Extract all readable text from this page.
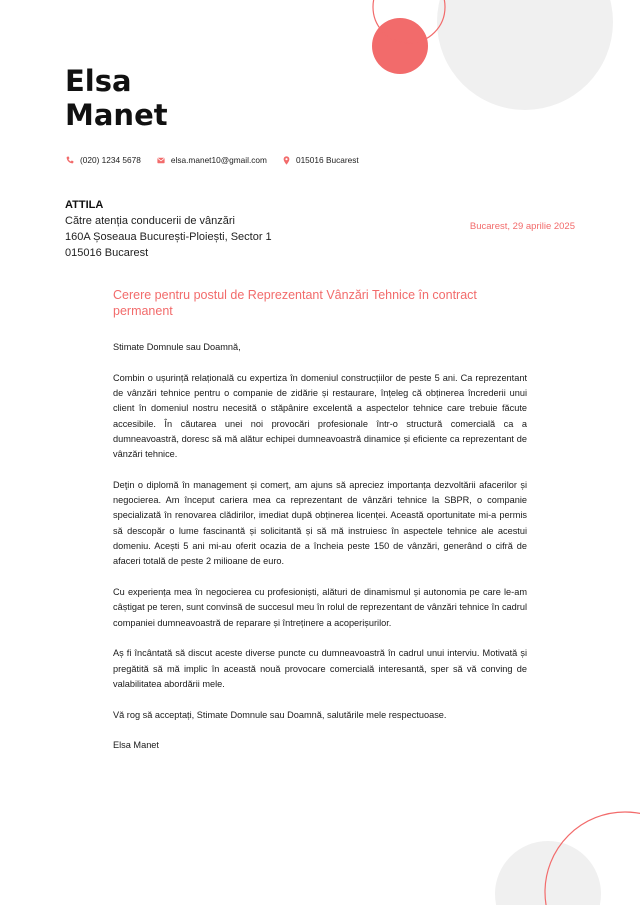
Elsa
Manet
(020) 1234 5678	elsa.manet10@gmail.com	015016 Bucarest
ATTILA
Către atenția conducerii de vânzări
160A Șoseaua București-Ploiești, Sector 1
015016 Bucarest
Bucarest, 29 aprilie 2025
Cerere pentru postul de Reprezentant Vânzări Tehnice în contract permanent

Stimate Domnule sau Doamnă,

Combin o ușurință relațională cu expertiza în domeniul construcțiilor de peste 5 ani. Ca reprezentant de vânzări tehnice pentru o companie de zidărie și restaurare, înțeleg că obținerea încrederii unui client în domeniul nostru necesită o stăpânire excelentă a aspectelor tehnice care trebuie făcute accesibile. În căutarea unei noi provocări profesionale într-o structură comercială ca a dumneavoastră, doresc să mă alătur echipei dumneavoastră dinamice și eficiente ca reprezentant de vânzări tehnice.

Deţin o diplomă în management și comerț, am ajuns să apreciez importanța dezvoltării afacerilor și negocierea. Am început cariera mea ca reprezentant de vânzări tehnice la SBPR, o companie specializată în renovarea clădirilor, imediat după obținerea licenței. Această oportunitate mi-a permis să descopăr o lume fascinantă și solicitantă și să mă instruiesc în aspectele tehnice ale acestui domeniu. Acești 5 ani mi-au oferit ocazia de a încheia peste 150 de vânzări, generând o cifră de afaceri totală de peste 2 milioane de euro.

Cu experiența mea în negocierea cu profesioniști, alături de dinamismul și autonomia pe care le-am câștigat pe teren, sunt convinsă de succesul meu în rolul de reprezentant de vânzări tehnice în cadrul companiei dumneavoastră de reparare și întreținere a acoperișurilor.

Aș fi încântată să discut aceste diverse puncte cu dumneavoastră în cadrul unui interviu. Motivată și pregătită să mă implic în această nouă provocare comercială interesantă, sper să vă conving de valabilitatea abordării mele.

Vă rog să acceptați, Stimate Domnule sau Doamnă, salutările mele respectuoase.

Elsa Manet
